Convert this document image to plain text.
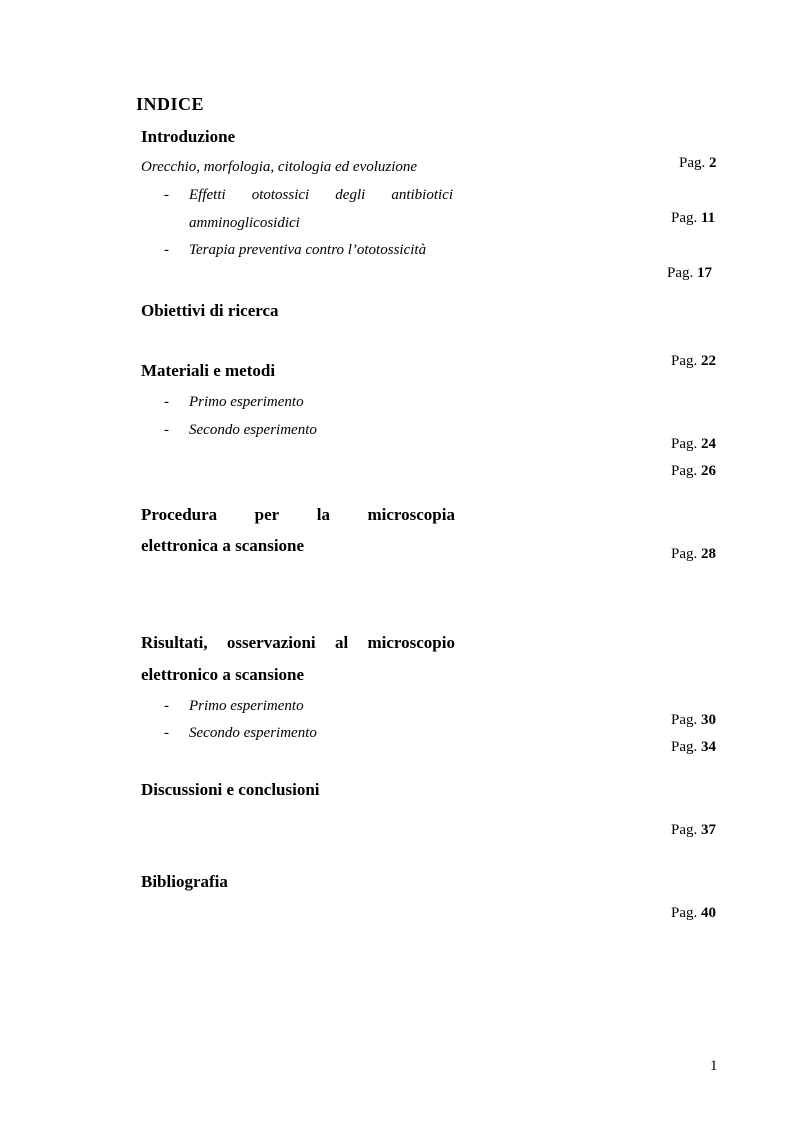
INDICE
Introduzione
Orecchio, morfologia, citologia ed evoluzione
- Effetti ototossici degli antibiotici
amminoglicosidici
- Terapia preventiva contro l’ototossicità
Pag. 2
Pag. 11
Pag. 17
Obiettivi di ricerca
Pag. 22
Materiali e metodi
- Primo esperimento
- Secondo esperimento
Pag. 24
Pag. 26
Procedura per la microscopia
elettronica a scansione	Pag. 28
Risultati, osservazioni al microscopio
elettronico a scansione
- Primo esperimento
- Secondo esperimento
Pag. 30
Pag. 34
Discussioni e conclusioni
Pag. 37
Bibliografia
Pag. 40
1
